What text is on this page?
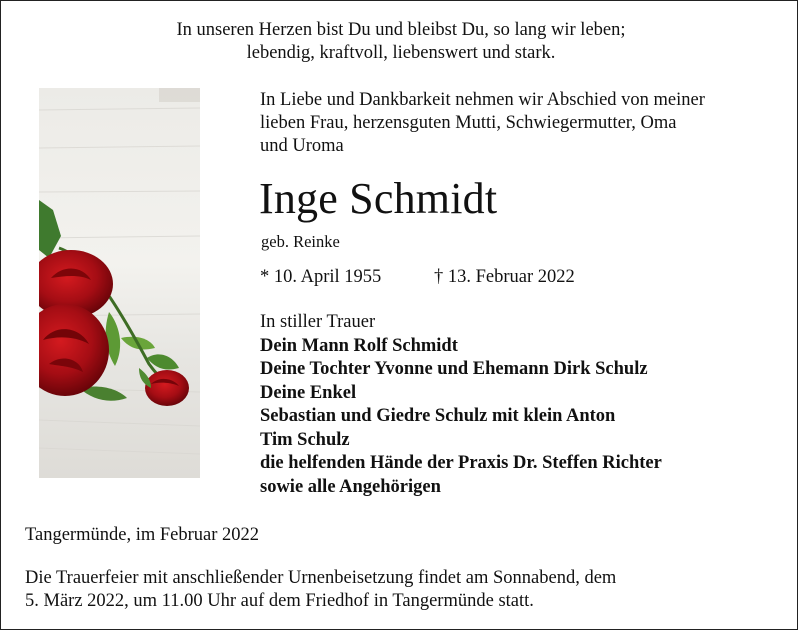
In unseren Herzen bist Du und bleibst Du, so lang wir leben;
lebendig, kraftvoll, liebenswert und stark.
In Liebe und Dankbarkeit nehmen wir Abschied von meiner
lieben Frau, herzensguten Mutti, Schwiegermutter, Oma
und Uroma
Inge Schmidt
geb. Reinke
* 10. April 1955	† 13. Februar 2022
In stiller Trauer
Dein Mann Rolf Schmidt
Deine Tochter Yvonne und Ehemann Dirk Schulz
Deine Enkel
Sebastian und Giedre Schulz mit klein Anton
Tim Schulz
die helfenden Hände der Praxis Dr. Steffen Richter
sowie alle Angehörigen
Tangermünde, im Februar 2022
Die Trauerfeier mit anschließender Urnenbeisetzung findet am Sonnabend, dem
5. März 2022, um 11.00 Uhr auf dem Friedhof in Tangermünde statt.
